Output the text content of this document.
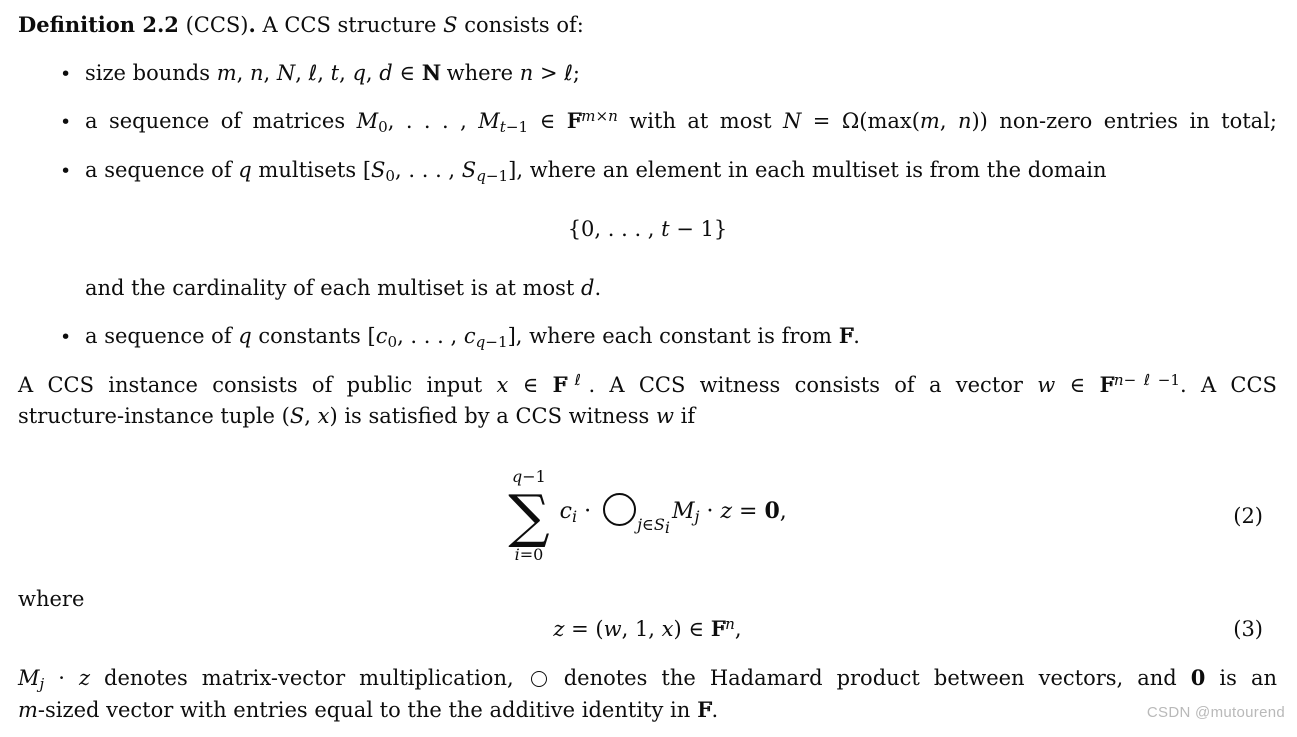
Definition 2.2 (CCS). A CCS structure S consists of:
•
size bounds m, n, N, ℓ, t, q, d ∈ N N where n > ℓ;
•
a sequence of matrices $M_0$, . . . , $M_{t-1}$ ∈ F $F^{m\times n}$ with at most N = Ω(max(m, n)) non-zero entries in total;
•
a sequence of q multisets [$S_0$, . . . , $S_{q-1}$], where an element in each multiset is from the domain
{0, . . . , t − 1}
and the cardinality of each multiset is at most d.
•
a sequence of q constants [$c_0$, . . . , $c_{q-1}$], where each constant is from F F.
A CCS instance consists of public input x ∈ F $F^\ell$. A CCS witness consists of a vector w ∈ F $F^{n-\ell-1}$. A CCS
structure-instance tuple (S, x) is satisfied by a CCS witness w if
q−1
∑
i=0
$c_i \cdot _{j\in S_i}M_j \cdot z = 0$,	(2)
where
z = (w, 1, x) ∈ F $F^n$,	(3)
$M_j \cdot z$ denotes matrix-vector multiplication,  denotes the Hadamard product between vectors, and 0 is an
m-sized vector with entries equal to the the additive identity in F F.	CSDN @mutourend
